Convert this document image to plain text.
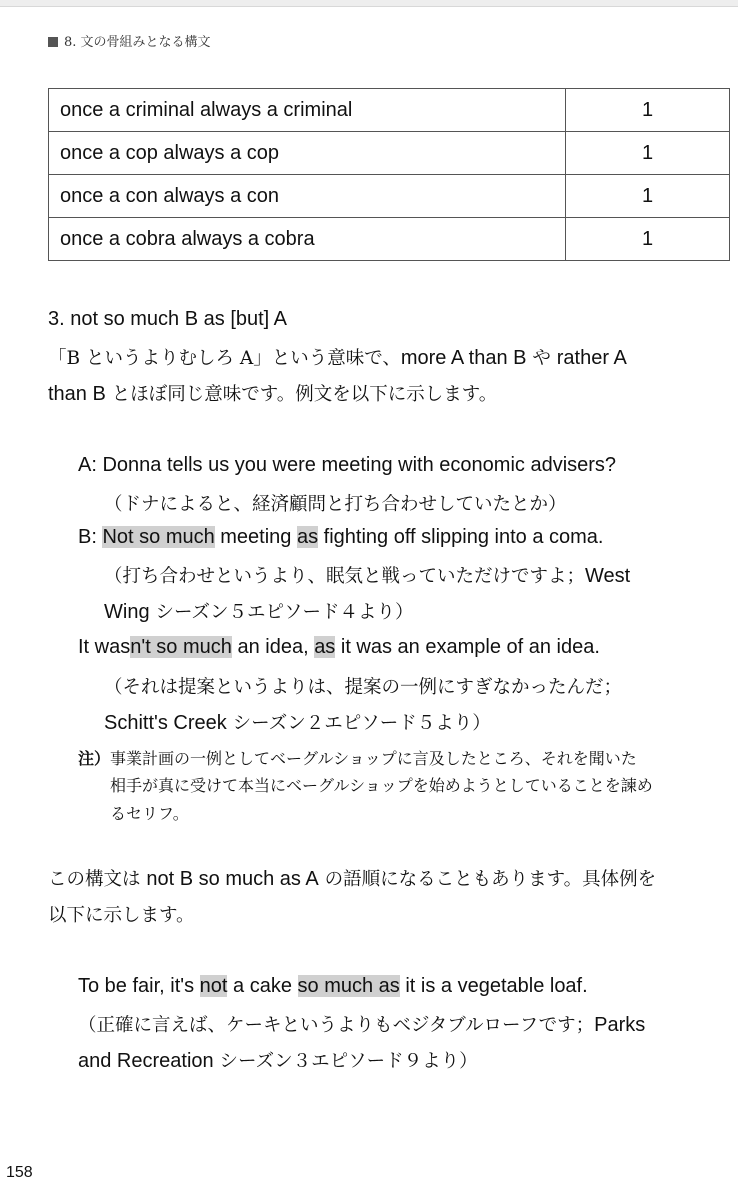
8. 文の骨組みとなる構文
once a criminal always a criminal	1
once a cop always a cop	1
once a con always a con	1
once a cobra always a cobra	1
3. not so much B as [but] A
「B というよりむしろ A」という意味で、more A than B や rather A
than B とほぼ同じ意味です。例文を以下に示します。
A: Donna tells us you were meeting with economic advisers?
（ドナによると、経済顧問と打ち合わせしていたとか）
B: Not so much meeting as fighting off slipping into a coma.
（打ち合わせというより、眠気と戦っていただけですよ；West
Wing シーズン５エピソード４より）
It wasn't so much an idea, as it was an example of an idea.
（それは提案というよりは、提案の一例にすぎなかったんだ；
Schitt's Creek シーズン２エピソード５より）
注） 事業計画の一例としてベーグルショップに言及したところ、それを聞いた
相手が真に受けて本当にベーグルショップを始めようとしていることを諫め
るセリフ。
この構文は not B so much as A の語順になることもあります。具体例を
以下に示します。
To be fair, it's not a cake so much as it is a vegetable loaf.
（正確に言えば、ケーキというよりもベジタブルローフです；Parks
and Recreation シーズン３エピソード９より）
158
